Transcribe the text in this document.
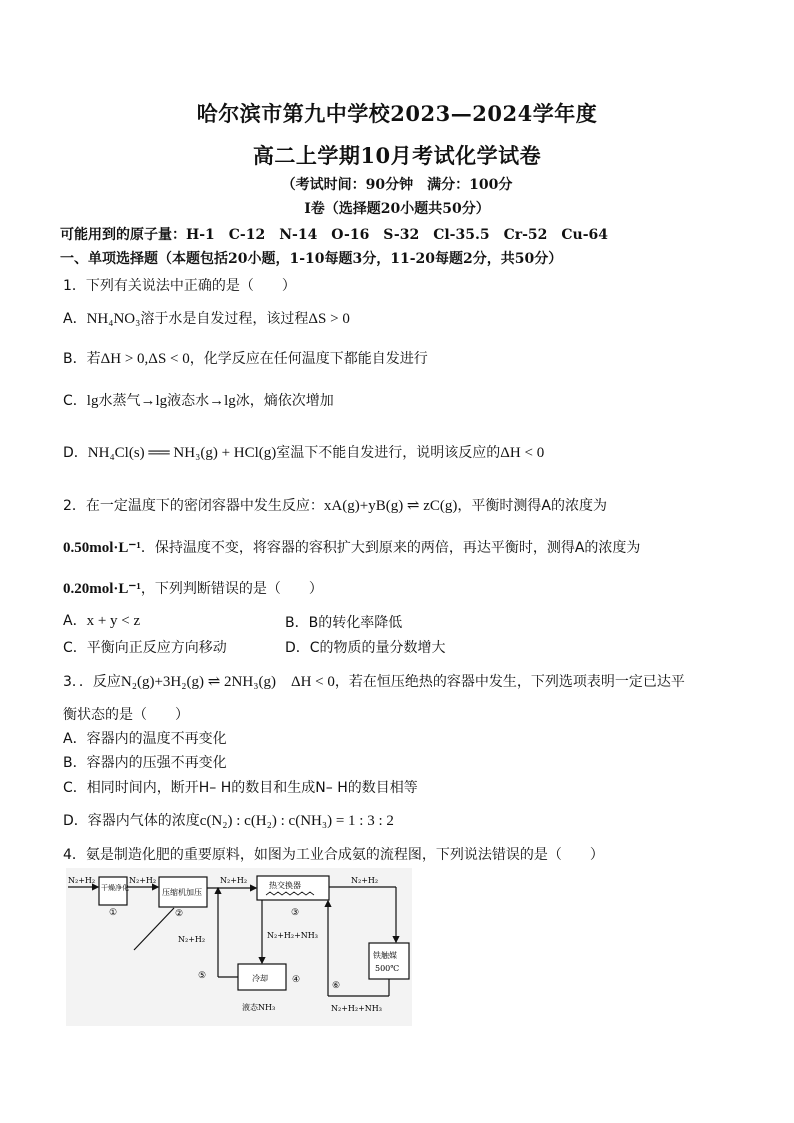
哈尔滨市第九中学校2023—2024学年度
高二上学期10月考试化学试卷
（考试时间：90分钟　满分：100分
I卷（选择题20小题共50分）
可能用到的原子量：H-1　C-12　N-14　O-16　S-32　Cl-35.5　Cr-52　Cu-64
一、单项选择题（本题包括20小题，1-10每题3分，11-20每题2分，共50分）
1．下列有关说法中正确的是（　　）
A．NH₄NO₃溶于水是自发过程，该过程ΔS > 0
B．若ΔH > 0,ΔS < 0，化学反应在任何温度下都能自发进行
C．lg水蒸气→lg液态水→lg冰，熵依次增加
D．NH₄Cl(s) ══ NH₃(g) + HCl(g)室温下不能自发进行，说明该反应的ΔH < 0
2．在一定温度下的密闭容器中发生反应：xA(g)+yB(g) ⇌ zC(g)，平衡时测得A的浓度为
0.50mol·L⁻¹．保持温度不变，将容器的容积扩大到原来的两倍，再达平衡时，测得A的浓度为
0.20mol·L⁻¹，下列判断错误的是（　　）
A．x + y < z	B．B的转化率降低
C．平衡向正反应方向移动	D．C的物质的量分数增大
3．．反应N₂(g)+3H₂(g) ⇌ 2NH₃(g)　ΔH < 0，若在恒压绝热的容器中发生，下列选项表明一定已达平
衡状态的是（　　）
A．容器内的温度不再变化
B．容器内的压强不再变化
C．相同时间内，断开H– H的数目和生成N– H的数目相等
D．容器内气体的浓度c(N₂) : c(H₂) : c(NH₃) = 1 : 3 : 2
4．氨是制造化肥的重要原料，如图为工业合成氨的流程图，下列说法错误的是（　　）
N₂+H₂
干燥净化
①
N₂+H₂
压缩机加压
②
N₂+H₂
热交换器
③
N₂+H₂
铁触媒
500℃
⑥
N₂+H₂+NH₃
N₂+H₂+NH₃
冷却	④
液态NH₃
N₂+H₂
⑤
